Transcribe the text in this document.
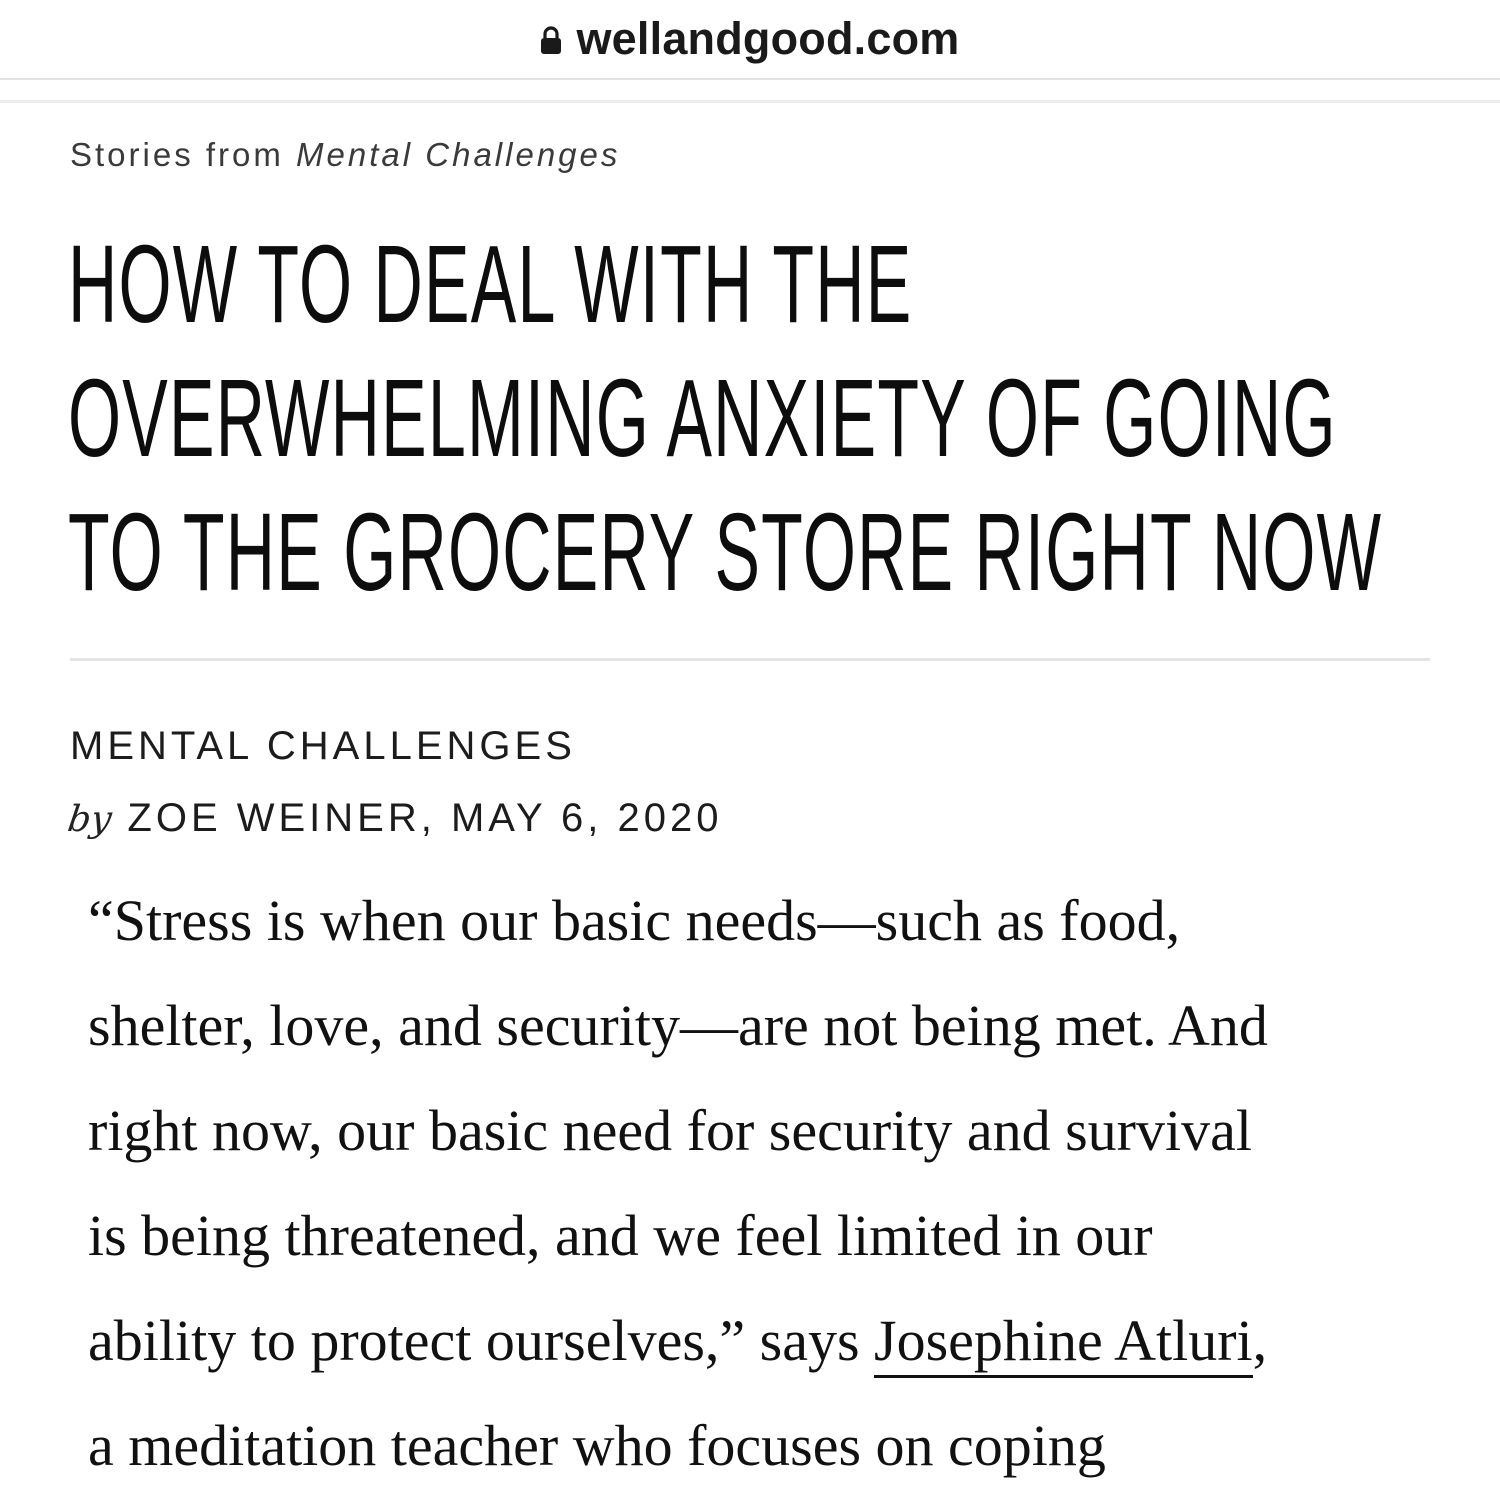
wellandgood.com
Stories from Mental Challenges
HOW TO DEAL WITH THE
OVERWHELMING ANXIETY OF GOING
TO THE GROCERY STORE RIGHT NOW
MENTAL CHALLENGES
by ZOE WEINER, MAY 6, 2020

“Stress is when our basic needs—such as food,
shelter, love, and security—are not being met. And
right now, our basic need for security and survival
is being threatened, and we feel limited in our
ability to protect ourselves,” says Josephine Atluri,
a meditation teacher who focuses on coping
